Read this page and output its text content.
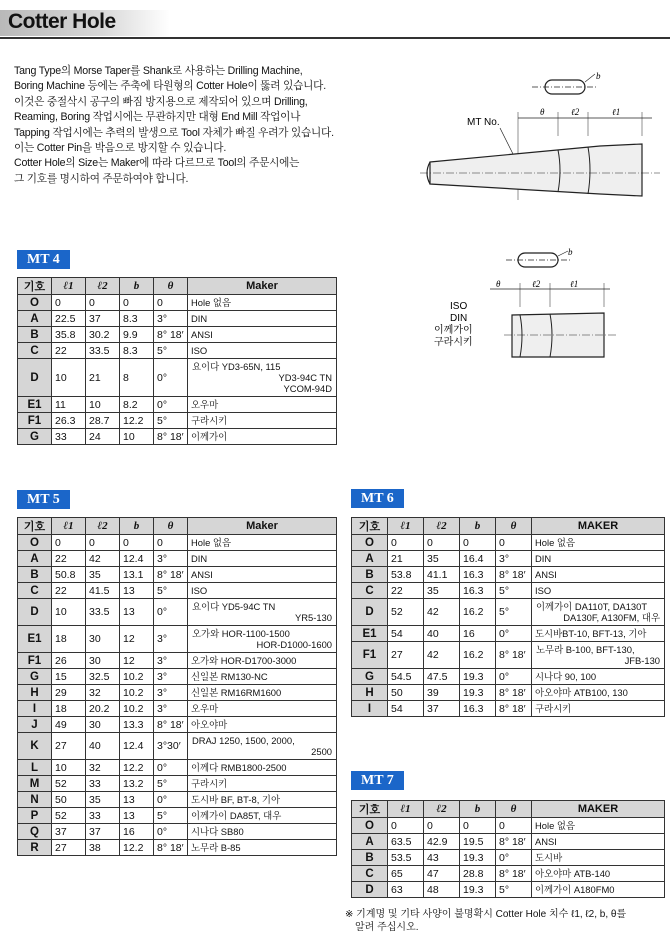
Cotter Hole
Tang Type의 Morse Taper를 Shank로 사용하는 Drilling Machine,
Boring Machine 등에는 주축에 타원형의 Cotter Hole이 뚫려 있습니다.
이것은 중절삭시 공구의 빠짐 방지용으로 제작되어 있으며 Drilling,
Reaming, Boring 작업시에는 무관하지만 대형 End Mill 작업이나
Tapping 작업시에는 추력의 발생으로 Tool 자체가 빠질 우려가 있습니다.
이는 Cotter Pin을 박음으로 방지할 수 있습니다.
Cotter Hole의 Size는 Maker에 따라 다르므로 Tool의 주문시에는
그 기호를 명시하여 주문하여야 합니다.
b
ℓ2	ℓ1
θ
MT No.
b
θ	ℓ2	ℓ1
ISO
DIN
이께가이
구라시키
MT 4
기호	ℓ1	ℓ2	b	θ	Maker
O	0	0	0	0	Hole 없음
A	22.5	37	8.3	3°	DIN
B	35.8	30.2	9.9	8° 18′	ANSI
C	22	33.5	8.3	5°	ISO
D	10	21	8	0°	요이다 YD3-65N, 115
YD3-94C TN
YCOM-94D

E1	11	10	8.2	0°	오우마
F1	26.3	28.7	12.2	5°	구라시키
G	33	24	10	8° 18′	이께가이
MT 5
기호	ℓ1	ℓ2	b	θ	Maker
O	0	0	0	0	Hole 없음
A	22	42	12.4	3°	DIN
B	50.8	35	13.1	8° 18′	ANSI
C	22	41.5	13	5°	ISO
D	10	33.5	13	0°	요이다 YD5-94C TN
YR5-130

E1	18	30	12	3°	오가와 HOR-1100-1500
HOR-D1000-1600

F1	26	30	12	3°	오가와 HOR-D1700-3000
G	15	32.5	10.2	3°	신일본 RM130-NC
H	29	32	10.2	3°	신일본 RM16RM1600
I	18	20.2	10.2	3°	오우마
J	49	30	13.3	8° 18′	아오야마
K	27	40	12.4	3°30′	DRAJ 1250, 1500, 2000,
2500

L	10	32	12.2	0°	이께다 RMB1800-2500
M	52	33	13.2	5°	구라시키
N	50	35	13	0°	도시바 BF, BT-8, 기아
P	52	33	13	5°	이께가이 DA85T, 대우
Q	37	37	16	0°	시나다 SB80
R	27	38	12.2	8° 18′	노무라 B-85
MT 6
기호	ℓ1	ℓ2	b	θ	MAKER
O	0	0	0	0	Hole 없음
A	21	35	16.4	3°	DIN
B	53.8	41.1	16.3	8° 18′	ANSI
C	22	35	16.3	5°	ISO
D	52	42	16.2	5°	이께가이 DA110T, DA130T
DA130F, A130FM, 대우

E1	54	40	16	0°	도시바BT-10, BFT-13, 기아
F1	27	42	16.2	8° 18′	노무라 B-100, BFT-130,
JFB-130

G	54.5	47.5	19.3	0°	시나다 90, 100
H	50	39	19.3	8° 18′	아오야마 ATB100, 130
I	54	37	16.3	8° 18′	구라시키
MT 7
기호	ℓ1	ℓ2	b	θ	MAKER
O	0	0	0	0	Hole 없음
A	63.5	42.9	19.5	8° 18′	ANSI
B	53.5	43	19.3	0°	도시바
C	65	47	28.8	8° 18′	아오야마 ATB-140
D	63	48	19.3	5°	이께가이 A180FM0
※ 기계명 및 기타 사양이 불명확시 Cotter Hole 치수 ℓ1, ℓ2, b, θ를
알려 주십시오.
